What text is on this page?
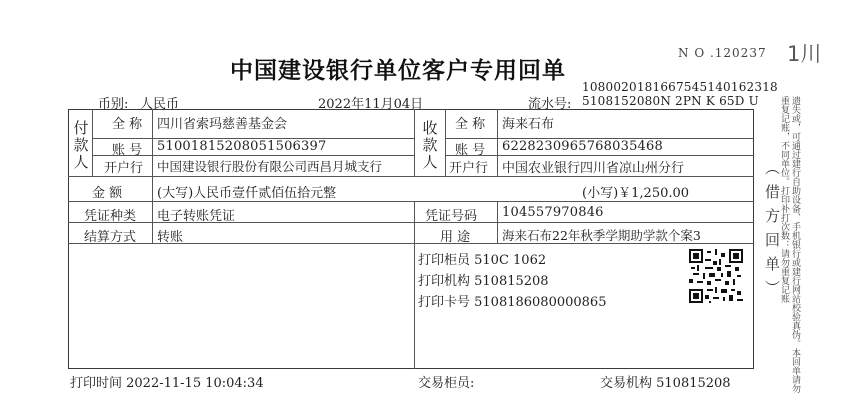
中国建设银行单位客户专用回单
N O .120237 1川
1080020181667545140162318
币别: 人民币	2022年11月04日	流水号: 5108152080N 2PN K 65D U
付款人
全 称 四川省索玛慈善基金会
账 号 51001815208051506397
开户行 中国建设银行股份有限公司西昌月城支行
收款人
全 称 海来石布
账 号 6228230965768035468
开户行 中国农业银行四川省凉山州分行
金 额	(大写)人民币壹仟贰佰伍拾元整	(小写)￥1,250.00
凭证种类 电子转账凭证	凭证号码 104557970846
结算方式 转账	用 途	海来石布22年秋季学期助学款个案3
打印柜员 510C 1062
打印机构 510815208
打印卡号 5108186080000865	（借方回单）	遗失或，可通过建行自助设备、手机银行或建行网站校验真伪。本回单请勿重复记账，不同单位。打印补打次数：请勿重复记账
打印时间 2022-11-15 10:04:34	交易柜员:	交易机构 510815208
